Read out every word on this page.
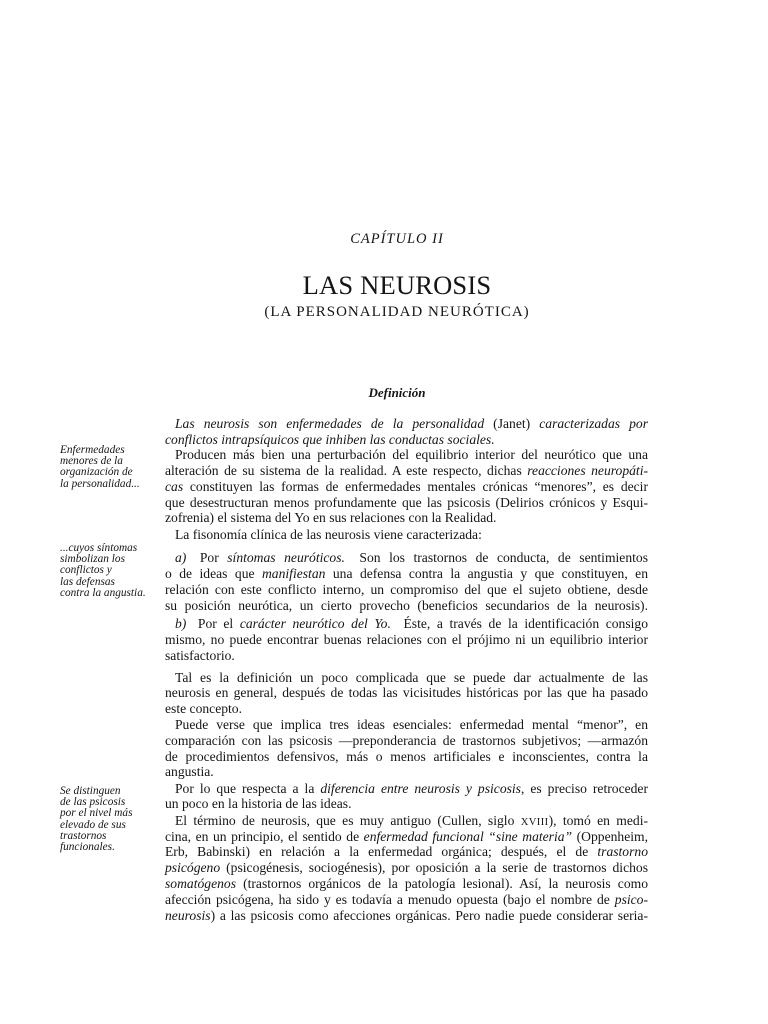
CAPÍTULO II
LAS NEUROSIS
(LA PERSONALIDAD NEURÓTICA)
Definición
Enfermedades
menores de la
organización de
la personalidad...
...cuyos síntomas
simbolizan los
conflictos y
las defensas
contra la angustia.
Se distinguen
de las psicosis
por el nivel más
elevado de sus
trastornos
funcionales.
Las neurosis son enfermedades de la personalidad (Janet) caracterizadas por
conflictos intrapsíquicos que inhiben las conductas sociales.
Producen más bien una perturbación del equilibrio interior del neurótico que una
alteración de su sistema de la realidad. A este respecto, dichas reacciones neuropáti-
cas constituyen las formas de enfermedades mentales crónicas “menores”, es decir
que desestructuran menos profundamente que las psicosis (Delirios crónicos y Esqui-
zofrenia) el sistema del Yo en sus relaciones con la Realidad.
La fisonomía clínica de las neurosis viene caracterizada:
a) Por síntomas neuróticos. Son los trastornos de conducta, de sentimientos
o de ideas que manifiestan una defensa contra la angustia y que constituyen, en
relación con este conflicto interno, un compromiso del que el sujeto obtiene, desde
su posición neurótica, un cierto provecho (beneficios secundarios de la neurosis).
b) Por el carácter neurótico del Yo. Éste, a través de la identificación consigo
mismo, no puede encontrar buenas relaciones con el prójimo ni un equilibrio interior
satisfactorio.
Tal es la definición un poco complicada que se puede dar actualmente de las
neurosis en general, después de todas las vicisitudes históricas por las que ha pasado
este concepto.
Puede verse que implica tres ideas esenciales: enfermedad mental “menor”, en
comparación con las psicosis —preponderancia de trastornos subjetivos; —armazón
de procedimientos defensivos, más o menos artificiales e inconscientes, contra la
angustia.
Por lo que respecta a la diferencia entre neurosis y psicosis, es preciso retroceder
un poco en la historia de las ideas.
El término de neurosis, que es muy antiguo (Cullen, siglo XVIII), tomó en medi-
cina, en un principio, el sentido de enfermedad funcional “sine materia” (Oppenheim,
Erb, Babinski) en relación a la enfermedad orgánica; después, el de trastorno
psicógeno (psicogénesis, sociogénesis), por oposición a la serie de trastornos dichos
somatógenos (trastornos orgánicos de la patología lesional). Así, la neurosis como
afección psicógena, ha sido y es todavía a menudo opuesta (bajo el nombre de psico-
neurosis) a las psicosis como afecciones orgánicas. Pero nadie puede considerar seria-
